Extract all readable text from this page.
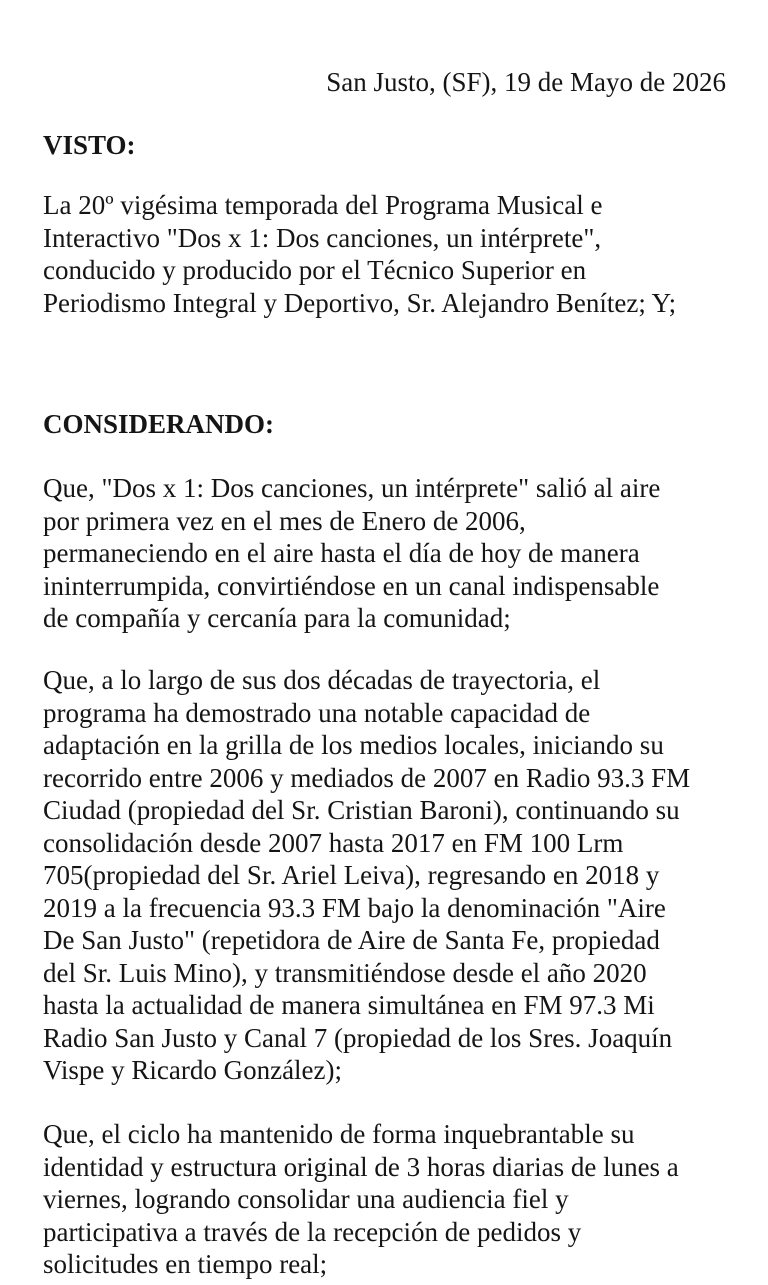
San Justo, (SF), 19 de Mayo de 2026
VISTO:
La 20º vigésima temporada del Programa Musical e
Interactivo "Dos x 1: Dos canciones, un intérprete",
conducido y producido por el Técnico Superior en
Periodismo Integral y Deportivo, Sr. Alejandro Benítez; Y;
CONSIDERANDO:
Que, "Dos x 1: Dos canciones, un intérprete" salió al aire
por primera vez en el mes de Enero de 2006,
permaneciendo en el aire hasta el día de hoy de manera
ininterrumpida, convirtiéndose en un canal indispensable
de compañía y cercanía para la comunidad;
Que, a lo largo de sus dos décadas de trayectoria, el
programa ha demostrado una notable capacidad de
adaptación en la grilla de los medios locales, iniciando su
recorrido entre 2006 y mediados de 2007 en Radio 93.3 FM
Ciudad (propiedad del Sr. Cristian Baroni), continuando su
consolidación desde 2007 hasta 2017 en FM 100 Lrm
705(propiedad del Sr. Ariel Leiva), regresando en 2018 y
2019 a la frecuencia 93.3 FM bajo la denominación "Aire
De San Justo" (repetidora de Aire de Santa Fe, propiedad
del Sr. Luis Mino), y transmitiéndose desde el año 2020
hasta la actualidad de manera simultánea en FM 97.3 Mi
Radio San Justo y Canal 7 (propiedad de los Sres. Joaquín
Vispe y Ricardo González);
Que, el ciclo ha mantenido de forma inquebrantable su
identidad y estructura original de 3 horas diarias de lunes a
viernes, logrando consolidar una audiencia fiel y
participativa a través de la recepción de pedidos y
solicitudes en tiempo real;
